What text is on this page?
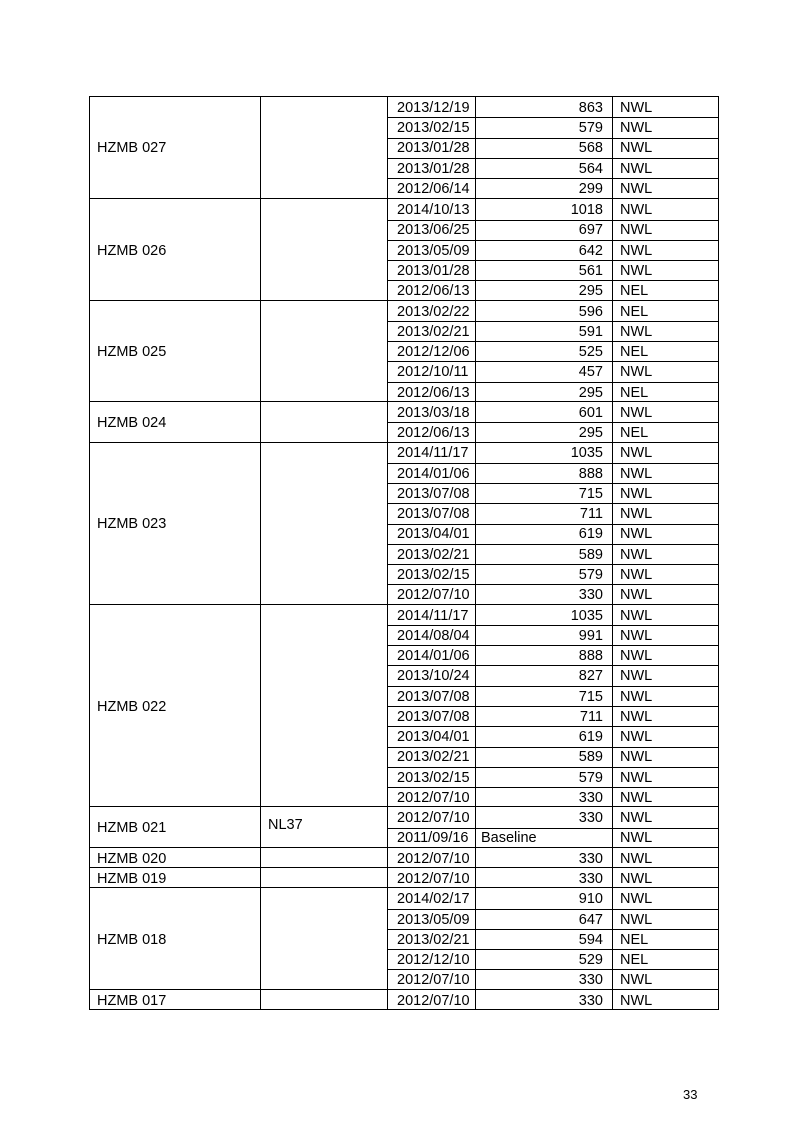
HZMB 027
2013/12/19	863 NWL
2013/02/15	579 NWL
2013/01/28	568 NWL
2013/01/28	564 NWL
2012/06/14	299 NWL
HZMB 026
2014/10/13	1018 NWL
2013/06/25	697 NWL
2013/05/09	642 NWL
2013/01/28	561 NWL
2012/06/13	295 NEL
HZMB 025
2013/02/22	596 NEL
2013/02/21	591 NWL
2012/12/06	525 NEL
2012/10/11	457 NWL
2012/06/13	295 NEL
HZMB 024
2013/03/18	601 NWL
2012/06/13	295 NEL
HZMB 023
2014/11/17	1035 NWL
2014/01/06	888 NWL
2013/07/08	715 NWL
2013/07/08	711 NWL
2013/04/01	619 NWL
2013/02/21	589 NWL
2013/02/15	579 NWL
2012/07/10	330 NWL
HZMB 022
2014/11/17	1035 NWL
2014/08/04	991 NWL
2014/01/06	888 NWL
2013/10/24	827 NWL
2013/07/08	715 NWL
2013/07/08	711 NWL
2013/04/01	619 NWL
2013/02/21	589 NWL
2013/02/15	579 NWL
2012/07/10	330 NWL
HZMB 021	NL37	2012/07/10	330 NWL
2011/09/16 Baseline	NWL
HZMB 020	2012/07/10	330 NWL
HZMB 019	2012/07/10	330 NWL
HZMB 018
2014/02/17	910 NWL
2013/05/09	647 NWL
2013/02/21	594 NEL
2012/12/10	529 NEL
2012/07/10	330 NWL
HZMB 017	2012/07/10	330 NWL
33
